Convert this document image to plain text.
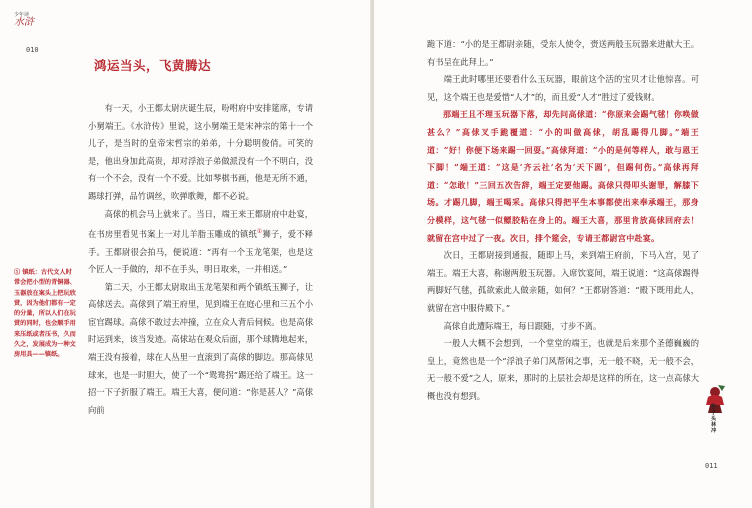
少年读
水浒
010
鸿运当头，飞黄腾达

有一天，小王都太尉庆诞生辰，吩咐府中安排筵席，专请小舅端王。《水浒传》里说，这小舅端王是宋神宗的第十一个儿子，是当时的皇帝宋哲宗的弟弟，十分聪明俊俏。可笑的是，他出身加此高贵，却对浮浪子弟做派没有一个不明白，没有一个不会，没有一个不爱。比如琴棋书画，他是无所不通，踢球打弹，品竹调丝，吹弹歌舞，都不必说。

高俅的机会马上就来了。当日，端王来王都尉府中赴宴，在书房里看见书案上一对儿羊脂玉雕成的镇纸①狮子，爱不释手。王都尉很会拍马，便说道：“再有一个玉龙笔架，也是这个匠人一手做的，却不在手头，明日取来，一并相送。”

第二天，小王都太尉取出玉龙笔架和两个镇纸玉狮子，让高俅送去。高俅到了端王府里，见到端王在庭心里和三五个小宦官踢球。高俅不敢过去冲撞，立在众人背后伺候。也是高俅时运到来，该当发迹。高俅站在观众后面，那个球腾地起来，端王没有接着，球在人丛里一直滚到了高俅的脚边。那高俅见球来，也是一时胆大，使了一个“鸳鸯拐”踢还给了端王。这一招一下子折服了端王。端王大喜，便问道：“你是甚人？”高俅向前

① 镇纸：古代文人时常会把小型的青铜器、玉器放在案头上把玩欣赏，因为他们都有一定的分量，所以人们在玩赏的同时，也会顺手用来压纸或者压书，久而久之，发展成为一种文房用具——镇纸。

跪下道：“小的是王都尉亲随，受东人使令，赍送两般玉玩器来进献大王。有书呈在此拜上。”

端王此时哪里还要看什么玉玩器，眼前这个活的宝贝才让他惊喜。可见，这个端王也是爱惜“人才”的，而且爱“人才”胜过了爱钱财。

那端王且不理玉玩器下落，却先问高俅道：“你原来会踢气毬！你唤做甚么？”高俅叉手跪覆道：“小的叫做高俅，胡乱踢得几脚。”端王道：“好！你便下场来踢一回耍。”高俅拜道：“小的是何等样人，敢与恩王下脚！”端王道：“这是‘齐云社’名为‘天下圆’，但踢何伤。”高俅再拜道：“怎敢！”三回五次告辞，端王定要他踢。高俅只得叩头谢罪，解膝下场。才踢几脚，端王喝采。高俅只得把平生本事都使出来奉承端王，那身分模样，这气毬一似鳔胶粘在身上的。端王大喜，那里肯放高俅回府去！就留在宫中过了一夜。次日，排个筵会，专请王都尉宫中赴宴。

次日，王都尉接到通报，随即上马，来到端王府前，下马入宫，见了端王。端王大喜，称谢两般玉玩器。入席饮宴间，端王说道：“这高俅踢得两脚好气毬，孤欲索此人做亲随，如何？”王都尉答道：“殿下既用此人，就留在宫中服侍殿下。”

高俅自此遭际端王，每日跟随，寸步不离。

一般人大概不会想到，一个堂堂的端王，也就是后来那个圣德巍巍的皇上，竟然也是一个“浮浪子弟门风帮闲之事，无一般不晓，无一般不会，无一般不爱”之人，原来，那时的上层社会却是这样的所在，这一点高俅大概也没有想到。

豹子头林冲
011
